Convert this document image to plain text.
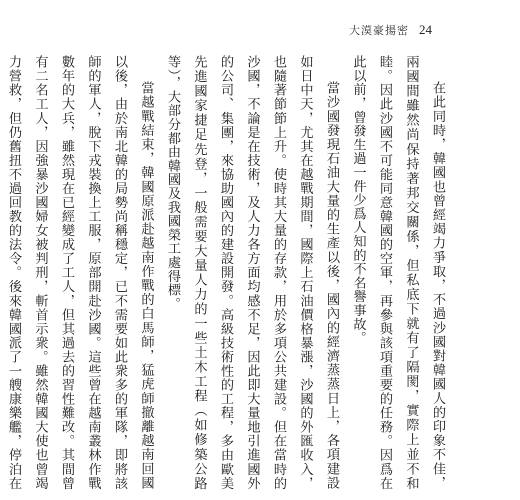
大漠豪揚密 24

在此同時，韓國也曾經竭力爭取，不過沙國對韓國人的印象不佳，兩國間雖然尚保持著邦交關係，但私底下就有了隔閡，實際上並不和睦。因此沙國不可能同意韓國的空軍，再參與該項重要的任務。因爲在此以前，曾發生過一件少爲人知的不名譽事故。

當沙國發現石油大量的生產以後，國內的經濟蒸蒸日上，各項建設如日中天，尤其在越戰期間，國際上石油價格暴漲，沙國的外匯收入，也隨著節節上升。使時其大量的存款，用於多項公共建設。但在當時的沙國，不論是在技術，及人力各方面均感不足，因此即大量地引進國外的公司、集團，來協助國內的建設開發。高級技術性的工程，多由歐美先進國家捷足先登，一般需要大量人力的一些土木工程（如修築公路等），大部分都由韓國及我國榮工處得標。

當越戰結束，韓國原派赴越南作戰的白馬師，猛虎師撤離越南回國以後，由於南北韓的局勢尚稱穩定，已不需要如此衆多的軍隊，即將該師的軍人，脫下戎裝換上工服，原部開赴沙國。這些曾在越南叢林作戰數年的大兵，雖然現在已經變成了工人，但其過去的習性難改。其間曾有二名工人，因強暴沙國婦女被判刑，斬首示衆。雖然韓國大使也曾竭力營救，但仍舊扭不過回教的法令。後來韓國派了一艘康樂艦，停泊在
